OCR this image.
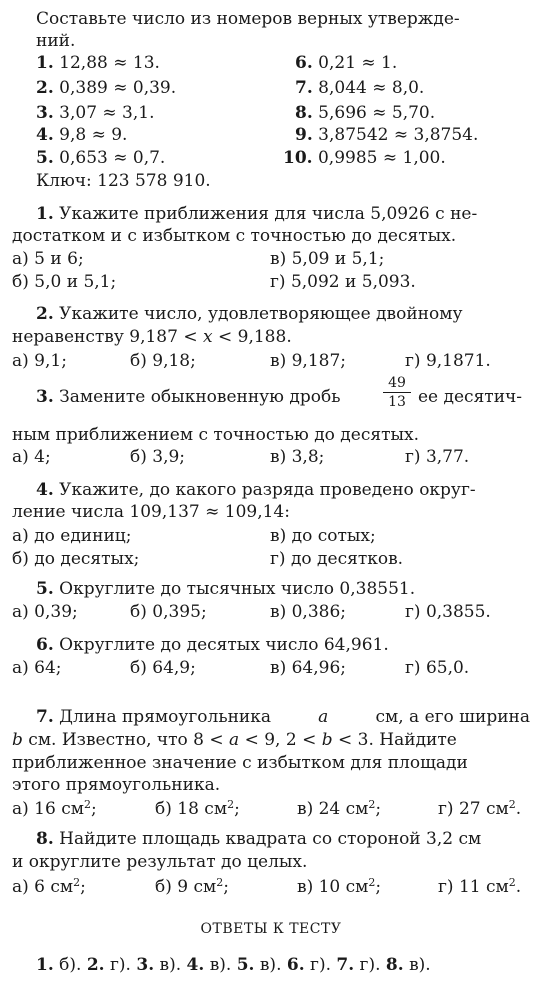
Составьте число из номеров верных утвержде-
ний.
1. 12,88 ≈ 13.
2. 0,389 ≈ 0,39.
3. 3,07 ≈ 3,1.
4. 9,8 ≈ 9.
5. 0,653 ≈ 0,7.
6. 0,21 ≈ 1.
7. 8,044 ≈ 8,0.
8. 5,696 ≈ 5,70.
9. 3,87542 ≈ 3,8754.
10. 0,9985 ≈ 1,00.
Ключ: 123 578 910.
1. Укажите приближения для числа 5,0926 с не-
достатком и с избытком с точностью до десятых.
а) 5 и 6;	в) 5,09 и 5,1;
б) 5,0 и 5,1;	г) 5,092 и 5,093.
2. Укажите число, удовлетворяющее двойному
неравенству 9,187 < x < 9,188.
а) 9,1;	б) 9,18;	в) 9,187;	г) 9,1871.
3. Замените обыкновенную дробь
49
13 ее десятич-
ным приближением с точностью до десятых.
а) 4;	б) 3,9;	в) 3,8;	г) 3,77.
4. Укажите, до какого разряда проведено округ-
ление числа 109,137 ≈ 109,14:
а) до единиц;	в) до сотых;
б) до десятых;	г) до десятков.
5. Округлите до тысячных число 0,38551.
а) 0,39;	б) 0,395;	в) 0,386;	г) 0,3855.
6. Округлите до десятых число 64,961.
а) 64;	б) 64,9;	в) 64,96;	г) 65,0.
7. Длина прямоугольника	a	см, а его ширина
b см. Известно, что 8 < a < 9, 2 < b < 3. Найдите
приближенное значение с избытком для площади
этого прямоугольника.
а) 16 $см^2$;	б) 18 $см^2$;	в) 24 $см^2$;	г) 27 $см^2$.
8. Найдите площадь квадрата со стороной 3,2 см
и округлите результат до целых.
а) 6 $см^2$;	б) 9 $см^2$;	в) 10 $см^2$;	г) 11 $см^2$.
ОТВЕТЫ К ТЕСТУ
1. б). 2. г). 3. в). 4. в). 5. в). 6. г). 7. г). 8. в).
